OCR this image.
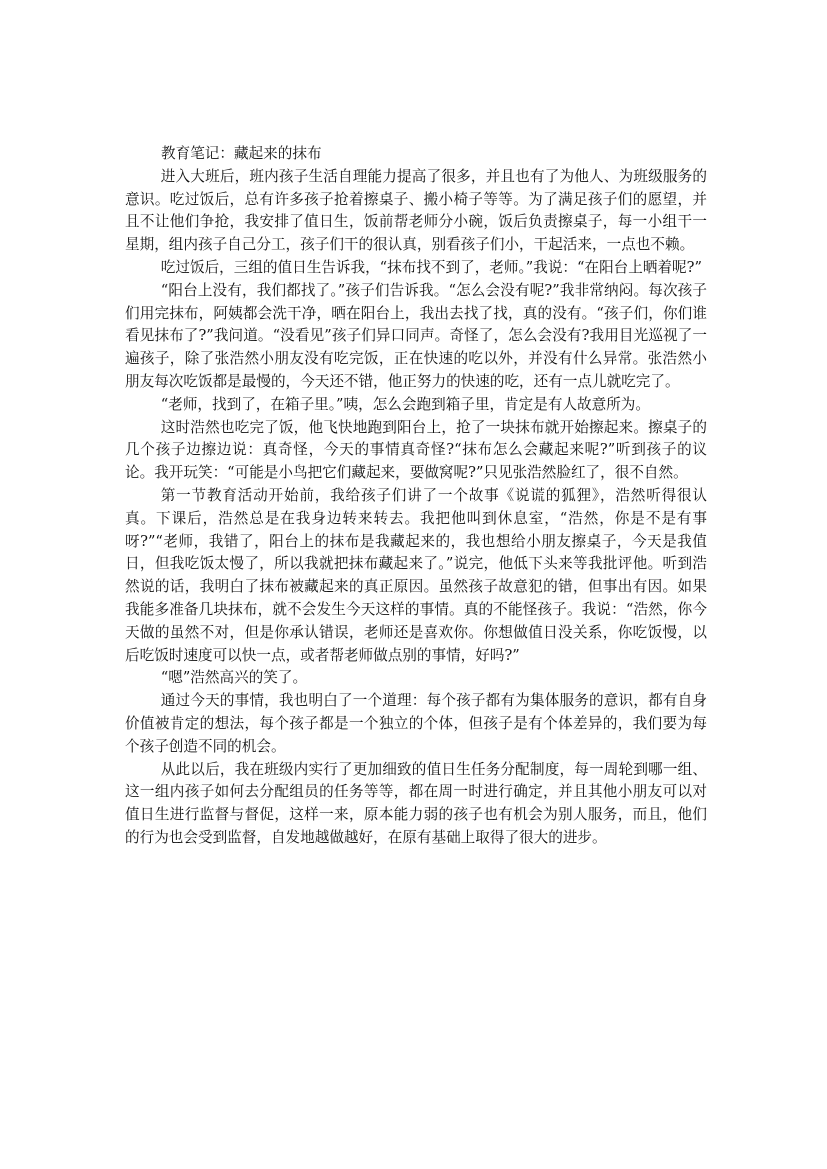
教育笔记：藏起来的抹布

进入大班后，班内孩子生活自理能力提高了很多，并且也有了为他人、为班级服务的意识。吃过饭后，总有许多孩子抢着擦桌子、搬小椅子等等。为了满足孩子们的愿望，并且不让他们争抢，我安排了值日生，饭前帮老师分小碗，饭后负责擦桌子，每一小组干一星期，组内孩子自己分工，孩子们干的很认真，别看孩子们小，干起活来，一点也不赖。

吃过饭后，三组的值日生告诉我，“抹布找不到了，老师。”我说：“在阳台上晒着呢?”

“阳台上没有，我们都找了。”孩子们告诉我。“怎么会没有呢?”我非常纳闷。每次孩子们用完抹布，阿姨都会洗干净，晒在阳台上，我出去找了找，真的没有。“孩子们，你们谁看见抹布了?”我问道。“没看见”孩子们异口同声。奇怪了，怎么会没有?我用目光巡视了一遍孩子，除了张浩然小朋友没有吃完饭，正在快速的吃以外，并没有什么异常。张浩然小朋友每次吃饭都是最慢的，今天还不错，他正努力的快速的吃，还有一点儿就吃完了。

“老师，找到了，在箱子里。”咦，怎么会跑到箱子里，肯定是有人故意所为。

这时浩然也吃完了饭，他飞快地跑到阳台上，抢了一块抹布就开始擦起来。擦桌子的几个孩子边擦边说：真奇怪，今天的事情真奇怪?“抹布怎么会藏起来呢?”听到孩子的议论。我开玩笑：“可能是小鸟把它们藏起来，要做窝呢?”只见张浩然脸红了，很不自然。

第一节教育活动开始前，我给孩子们讲了一个故事《说谎的狐狸》，浩然听得很认真。下课后，浩然总是在我身边转来转去。我把他叫到休息室，“浩然，你是不是有事呀?”“老师，我错了，阳台上的抹布是我藏起来的，我也想给小朋友擦桌子，今天是我值日，但我吃饭太慢了，所以我就把抹布藏起来了。”说完，他低下头来等我批评他。听到浩然说的话，我明白了抹布被藏起来的真正原因。虽然孩子故意犯的错，但事出有因。如果我能多准备几块抹布，就不会发生今天这样的事情。真的不能怪孩子。我说：“浩然，你今天做的虽然不对，但是你承认错误，老师还是喜欢你。你想做值日没关系，你吃饭慢，以后吃饭时速度可以快一点，或者帮老师做点别的事情，好吗?”

“嗯”浩然高兴的笑了。

通过今天的事情，我也明白了一个道理：每个孩子都有为集体服务的意识，都有自身价值被肯定的想法，每个孩子都是一个独立的个体，但孩子是有个体差异的，我们要为每个孩子创造不同的机会。

从此以后，我在班级内实行了更加细致的值日生任务分配制度，每一周轮到哪一组、这一组内孩子如何去分配组员的任务等等，都在周一时进行确定，并且其他小朋友可以对值日生进行监督与督促，这样一来，原本能力弱的孩子也有机会为别人服务，而且，他们的行为也会受到监督，自发地越做越好，在原有基础上取得了很大的进步。
